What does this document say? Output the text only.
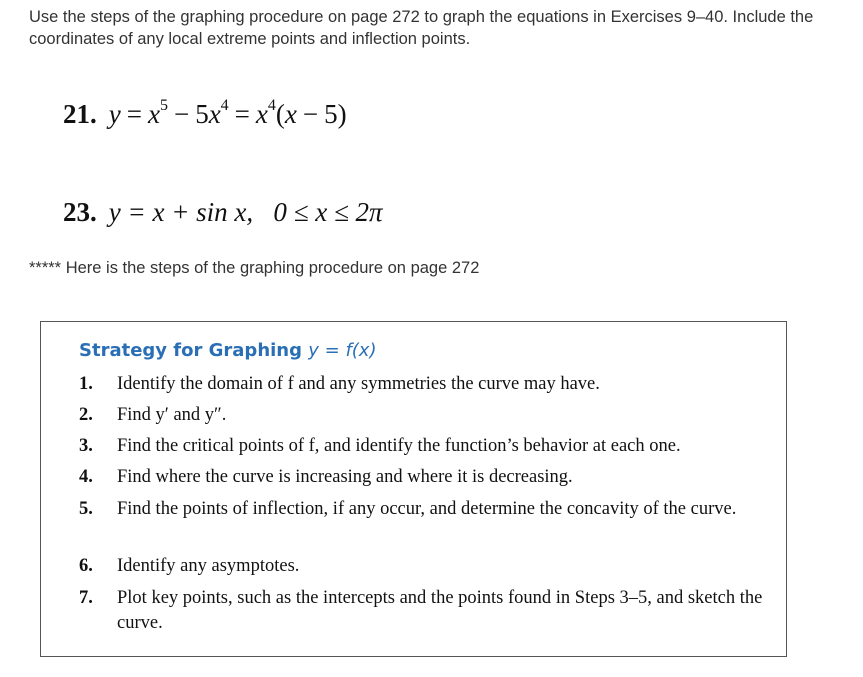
Use the steps of the graphing procedure on page 272 to graph the equations in Exercises 9–40. Include the coordinates of any local extreme points and inflection points.
21. $y = x^5 - 5x^4 = x^4(x - 5)$
23. y = x + sin x, 0 ≤ x ≤ 2π
***** Here is the steps of the graphing procedure on page 272
Strategy for Graphing y = f(x)
1. Identify the domain of f and any symmetries the curve may have.
2. Find y′ and y″.
3. Find the critical points of f, and identify the function’s behavior at each one.
4. Find where the curve is increasing and where it is decreasing.
5. Find the points of inflection, if any occur, and determine the concavity of the curve.
6. Identify any asymptotes.
7. Plot key points, such as the intercepts and the points found in Steps 3–5, and sketch the curve.
